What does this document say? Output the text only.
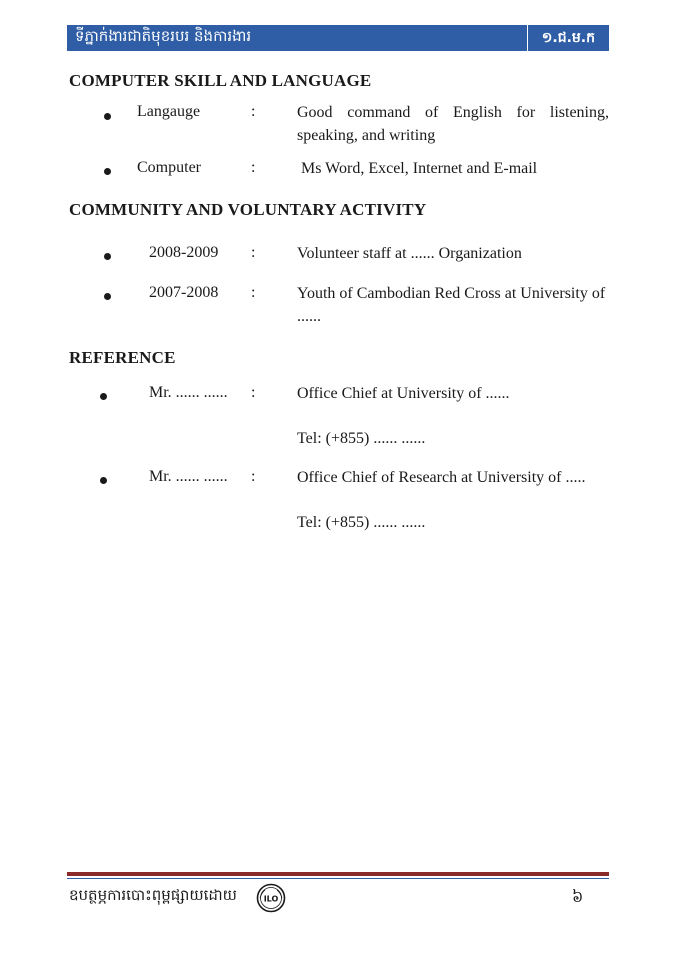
ទីភ្នាក់ងារជាតិមុខរបរ និងការងារ	១.ជ.ម.ក
COMPUTER SKILL AND LANGUAGE
Langauge	:	Good command of English for listening, speaking, and writing
Computer	:	Ms Word, Excel, Internet and E-mail
COMMUNITY AND VOLUNTARY ACTIVITY
2008-2009 :	Volunteer staff at ...... Organization
2007-2008 :	Youth of Cambodian Red Cross at University of ......
REFERENCE
Mr. ...... ...... :	Office Chief at University of ......
Tel: (+855) ...... ......
Mr. ...... ...... :	Office Chief of Research at University of .....
Tel: (+855) ...... ......
ឧបត្ថម្ភការបោះពុម្ពផ្សាយដោយ	ILO	៦
